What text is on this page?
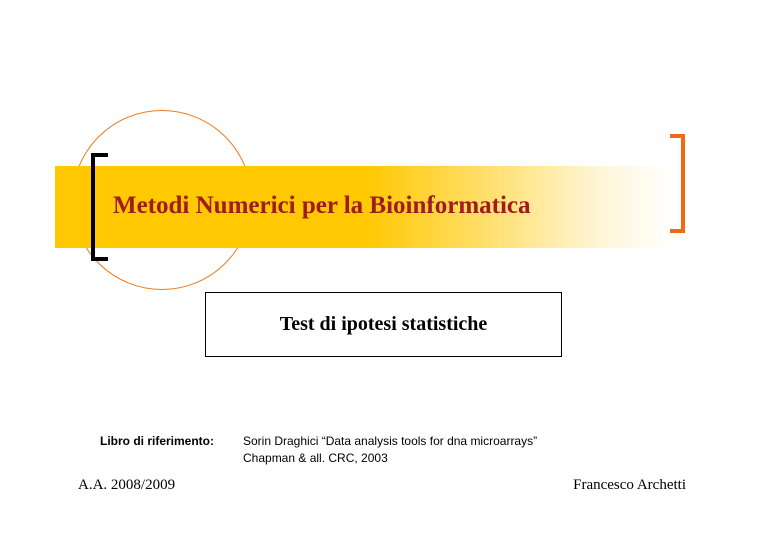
Metodi Numerici per la Bioinformatica
Test di ipotesi statistiche
Libro di riferimento: Sorin Draghici “Data analysis tools for dna microarrays”
Chapman & all. CRC, 2003
A.A. 2008/2009	Francesco Archetti
